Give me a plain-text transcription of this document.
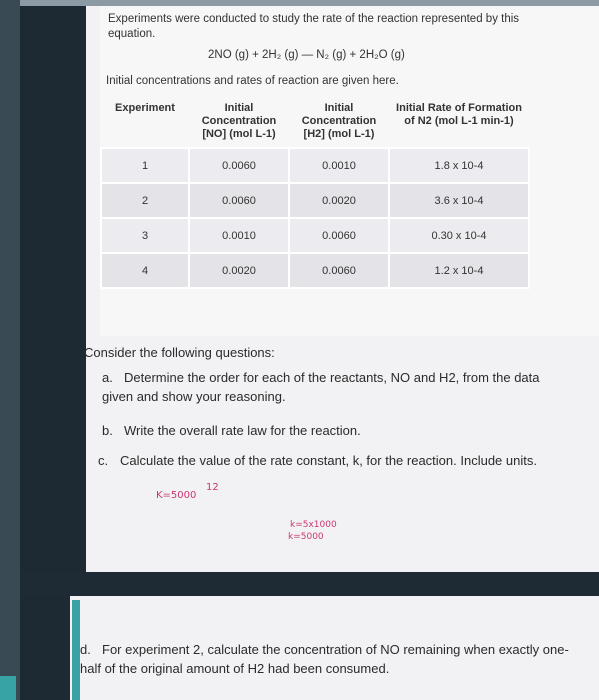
Experiments were conducted to study the rate of the reaction represented by this equation.
2NO (g) + 2H₂ (g) — N₂ (g) + 2H₂O (g)
Initial concentrations and rates of reaction are given here.
Experiment	Initial Concentration [NO] (mol L-1)	Initial Concentration [H2] (mol L-1)	Initial Rate of Formation of N2 (mol L-1 min-1)
1	0.0060	0.0010	1.8 x 10-4
2	0.0060	0.0020	3.6 x 10-4
3	0.0010	0.0060	0.30 x 10-4
4	0.0020	0.0060	1.2 x 10-4
Consider the following questions:
a. Determine the order for each of the reactants, NO and H2, from the data given and show your reasoning.
b. Write the overall rate law for the reaction.
c. Calculate the value of the rate constant, k, for the reaction. Include units.
K=5000
12
k=5x1000
k=5000
d. For experiment 2, calculate the concentration of NO remaining when exactly one-half of the original amount of H2 had been consumed.
